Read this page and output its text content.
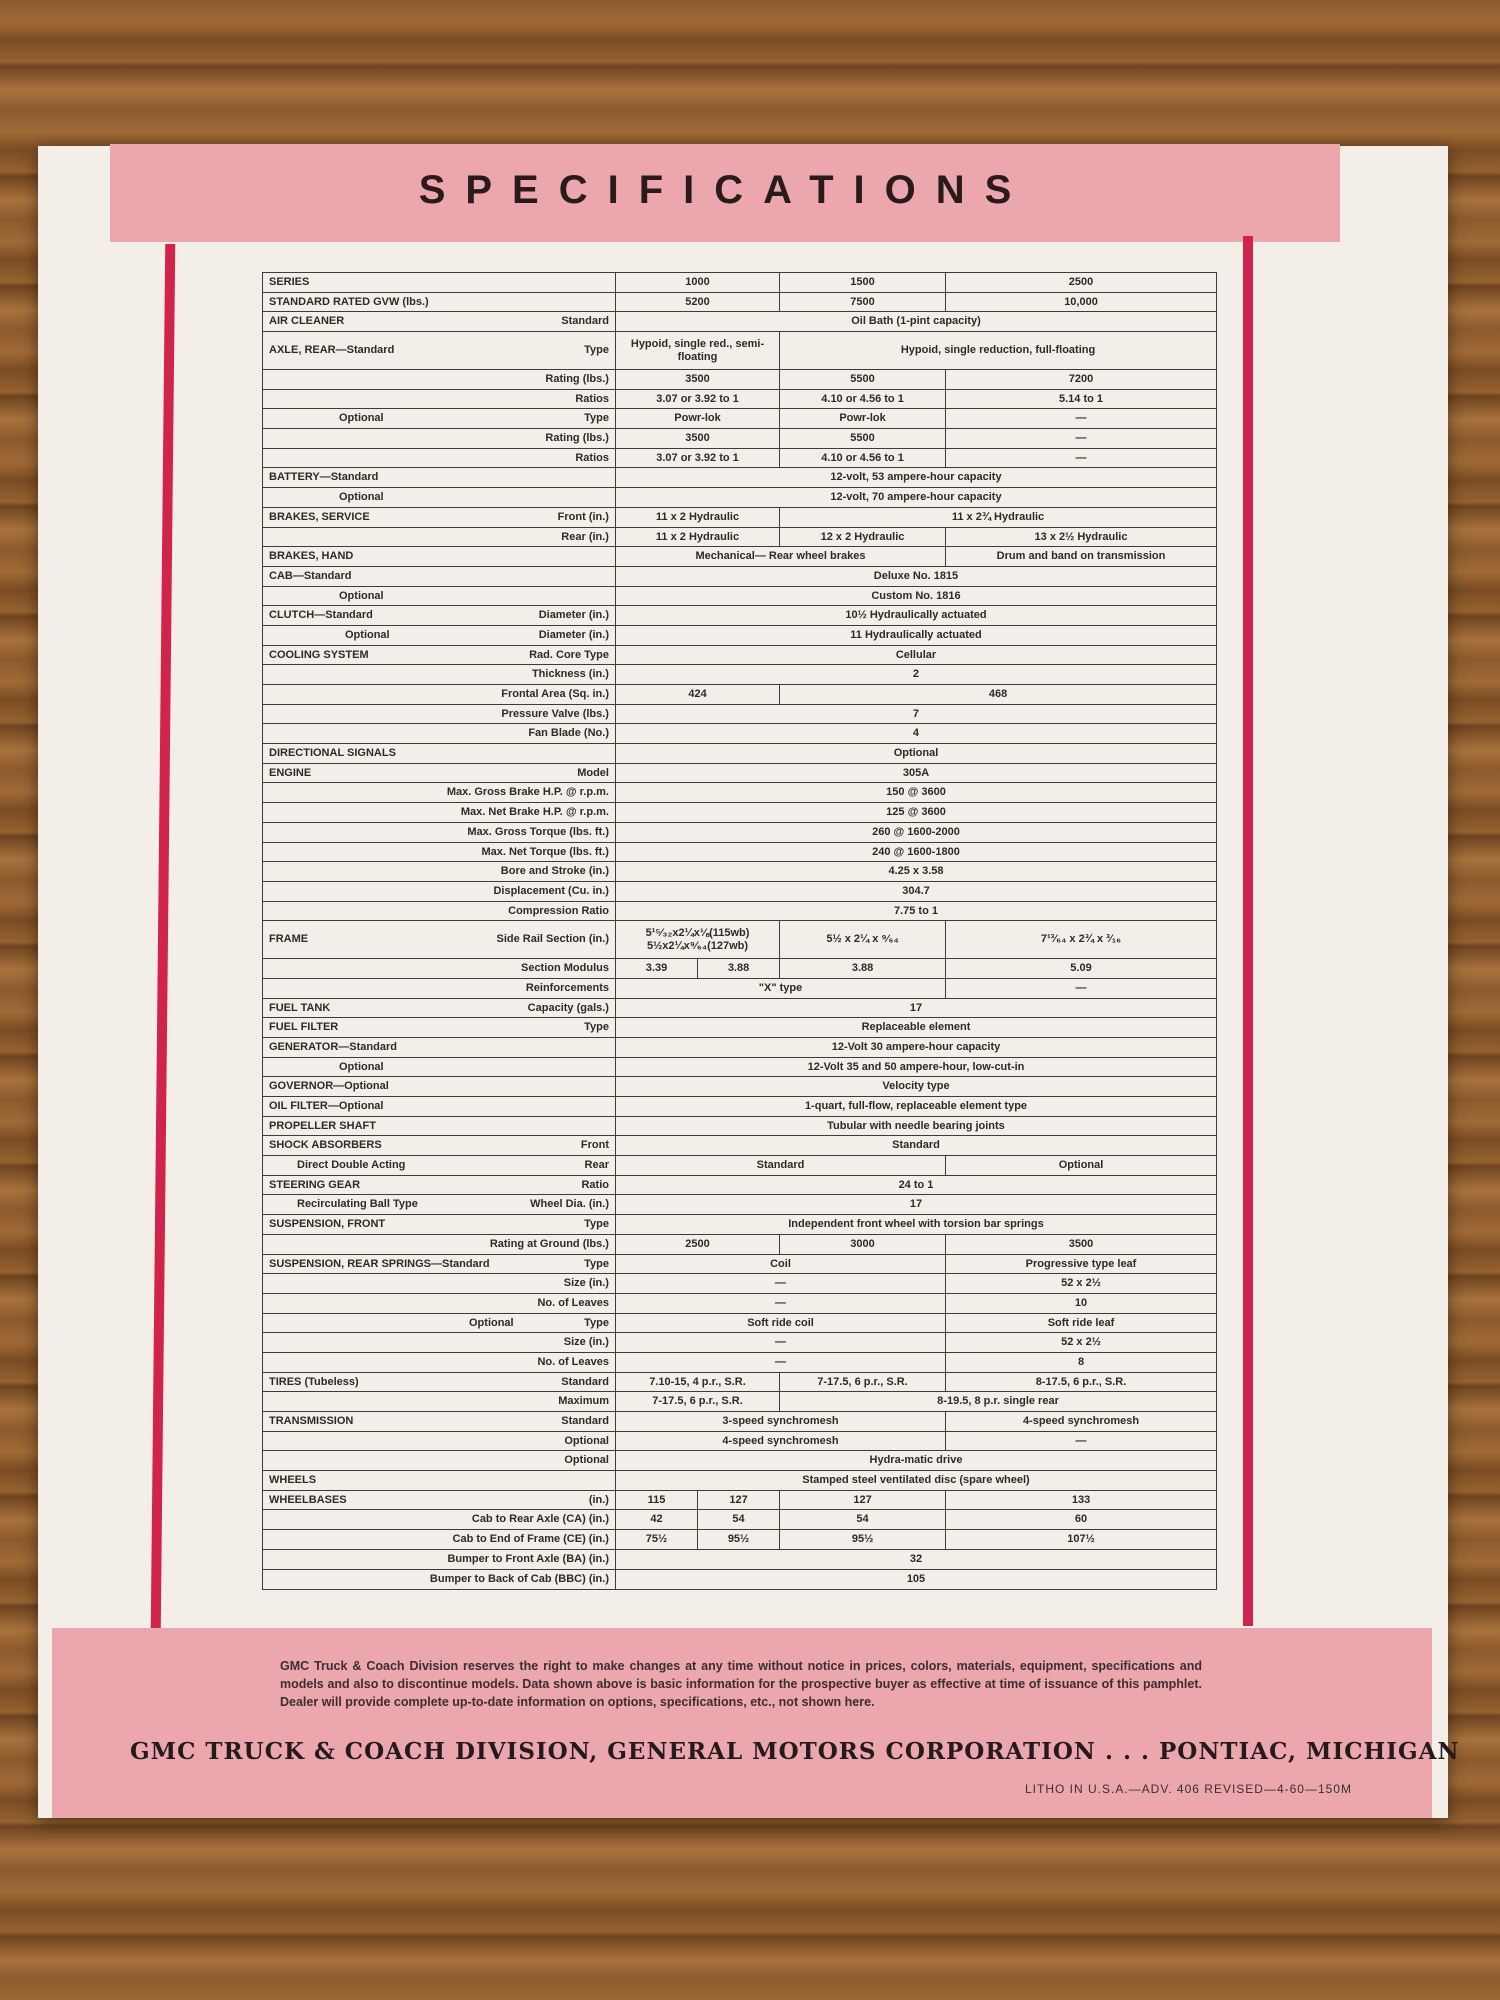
SPECIFICATIONS
SERIES	1000		1500	2500
STANDARD RATED GVW (lbs.)	5200		7500	10,000

AIR CLEANER Standard	Oil Bath (1-pint capacity)			

AXLE, REAR—Standard Type	Hypoid, single red., semi-floating		Hypoid, single reduction, full-floating	
Rating (lbs.)	3500		5500	7200
Ratios	3.07 or 3.92 to 1		4.10 or 4.56 to 1	5.14 to 1

Optional Type	Powr-lok		Powr-lok	—
Rating (lbs.)	3500		5500	—
Ratios	3.07 or 3.92 to 1		4.10 or 4.56 to 1	—
BATTERY—Standard	12-volt, 53 ampere-hour capacity			
Optional	12-volt, 70 ampere-hour capacity			

BRAKES, SERVICE Front (in.)	11 x 2 Hydraulic		11 x 2¾ Hydraulic	
Rear (in.)	11 x 2 Hydraulic		12 x 2 Hydraulic	13 x 2½ Hydraulic
BRAKES, HAND	Mechanical— Rear wheel brakes			Drum and band on transmission
CAB—Standard	Deluxe No. 1815			
Optional	Custom No. 1816			

CLUTCH—Standard Diameter (in.)	10½ Hydraulically actuated			

Optional Diameter (in.)	11 Hydraulically actuated			

COOLING SYSTEM Rad. Core Type	Cellular			
Thickness (in.)	2			
Frontal Area (Sq. in.)	424		468	
Pressure Valve (lbs.)	7			
Fan Blade (No.)	4			
DIRECTIONAL SIGNALS	Optional			

ENGINE Model	305A			
Max. Gross Brake H.P. @ r.p.m.	150 @ 3600			
Max. Net Brake H.P. @ r.p.m.	125 @ 3600			
Max. Gross Torque (lbs. ft.)	260 @ 1600-2000			
Max. Net Torque (lbs. ft.)	240 @ 1600-1800			
Bore and Stroke (in.)	4.25 x 3.58			
Displacement (Cu. in.)	304.7			
Compression Ratio	7.75 to 1			

FRAME Side Rail Section (in.)	5¹⁵⁄₃₂x2¼x⅛(115wb) 5½x2¼x⁹⁄₆₄(127wb)		5½ x 2¼ x ⁹⁄₆₄	7¹³⁄₆₄ x 2¾ x ³⁄₁₆
Section Modulus	3.39	3.88	3.88	5.09
Reinforcements	"X" type			—

FUEL TANK Capacity (gals.)	17			

FUEL FILTER Type	Replaceable element			
GENERATOR—Standard	12-Volt 30 ampere-hour capacity			
Optional	12-Volt 35 and 50 ampere-hour, low-cut-in			
GOVERNOR—Optional	Velocity type			
OIL FILTER—Optional	1-quart, full-flow, replaceable element type			
PROPELLER SHAFT	Tubular with needle bearing joints			

SHOCK ABSORBERS Front	Standard			

Direct Double Acting Rear	Standard			Optional

STEERING GEAR Ratio	24 to 1			

Recirculating Ball Type Wheel Dia. (in.)	17			

SUSPENSION, FRONT Type	Independent front wheel with torsion bar springs			
Rating at Ground (lbs.)	2500		3000	3500

SUSPENSION, REAR SPRINGS—Standard Type	Coil			Progressive type leaf
Size (in.)	—			52 x 2½
No. of Leaves	—			10

Optional Type	Soft ride coil			Soft ride leaf
Size (in.)	—			52 x 2½
No. of Leaves	—			8

TIRES (Tubeless) Standard	7.10-15, 4 p.r., S.R.		7-17.5, 6 p.r., S.R.	8-17.5, 6 p.r., S.R.
Maximum	7-17.5, 6 p.r., S.R.		8-19.5, 8 p.r. single rear	

TRANSMISSION Standard	3-speed synchromesh			4-speed synchromesh
Optional	4-speed synchromesh			—
Optional	Hydra-matic drive			
WHEELS	Stamped steel ventilated disc (spare wheel)			

WHEELBASES (in.)	115	127	127	133
Cab to Rear Axle (CA) (in.)	42	54	54	60
Cab to End of Frame (CE) (in.)	75½	95½	95½	107½
Bumper to Front Axle (BA) (in.)	32			
Bumper to Back of Cab (BBC) (in.)	105			
GMC Truck & Coach Division reserves the right to make changes at any time without notice in prices, colors, materials, equipment, specifications and models and also to discontinue models. Data shown above is basic information for the prospective buyer as effective at time of issuance of this pamphlet. Dealer will provide complete up-to-date information on options, specifications, etc., not shown here.
GMC TRUCK & COACH DIVISION, GENERAL MOTORS CORPORATION . . . PONTIAC, MICHIGAN
LITHO IN U.S.A.—ADV. 406 REVISED—4-60—150M
